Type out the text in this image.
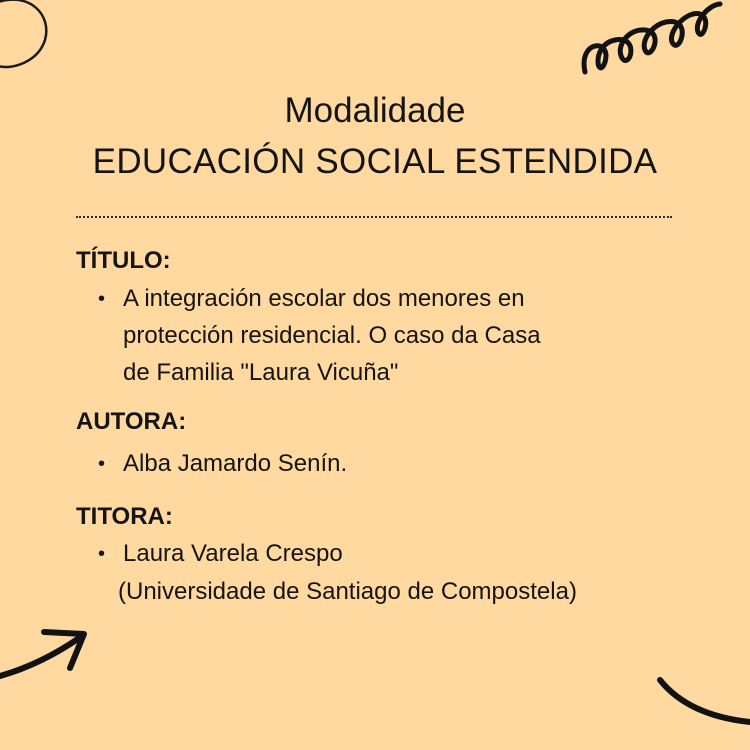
Modalidade
EDUCACIÓN SOCIAL ESTENDIDA
TÍTULO:
• A integración escolar dos menores en
protección residencial. O caso da Casa
de Familia "Laura Vicuña"
AUTORA:
• Alba Jamardo Senín.
TITORA:
• Laura Varela Crespo
(Universidade de Santiago de Compostela)
